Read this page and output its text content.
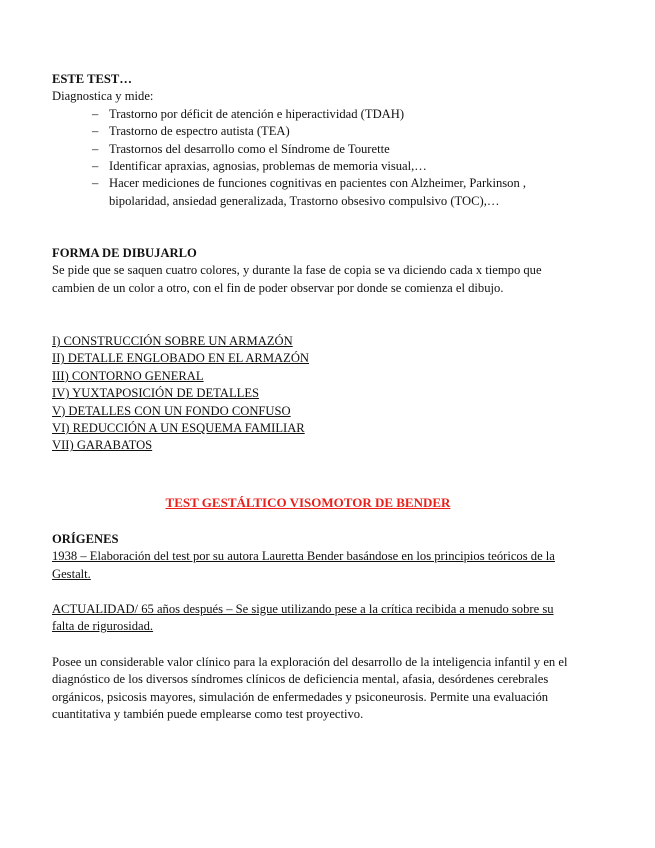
ESTE TEST…

Diagnostica y mide:

– Trastorno por déficit de atención e hiperactividad (TDAH)
– Trastorno de espectro autista (TEA)
– Trastornos del desarrollo como el Síndrome de Tourette
– Identificar apraxias, agnosias, problemas de memoria visual,…
– Hacer mediciones de funciones cognitivas en pacientes con Alzheimer, Parkinson , bipolaridad, ansiedad generalizada, Trastorno obsesivo compulsivo (TOC),…

FORMA DE DIBUJARLO

Se pide que se saquen cuatro colores, y durante la fase de copia se va diciendo cada x tiempo que cambien de un color a otro, con el fin de poder observar por donde se comienza el dibujo.

I) CONSTRUCCIÓN SOBRE UN ARMAZÓN

II) DETALLE ENGLOBADO EN EL ARMAZÓN

III) CONTORNO GENERAL

IV) YUXTAPOSICIÓN DE DETALLES

V) DETALLES CON UN FONDO CONFUSO

VI) REDUCCIÓN A UN ESQUEMA FAMILIAR

VII) GARABATOS

TEST GESTÁLTICO VISOMOTOR DE BENDER

ORÍGENES

1938 – Elaboración del test por su autora Lauretta Bender basándose en los principios teóricos de la Gestalt.

ACTUALIDAD/ 65 años después – Se sigue utilizando pese a la crítica recibida a menudo sobre su falta de rigurosidad.

Posee un considerable valor clínico para la exploración del desarrollo de la inteligencia infantil y en el diagnóstico de los diversos síndromes clínicos de deficiencia mental, afasia, desórdenes cerebrales orgánicos, psicosis mayores, simulación de enfermedades y psiconeurosis. Permite una evaluación cuantitativa y también puede emplearse como test proyectivo.
